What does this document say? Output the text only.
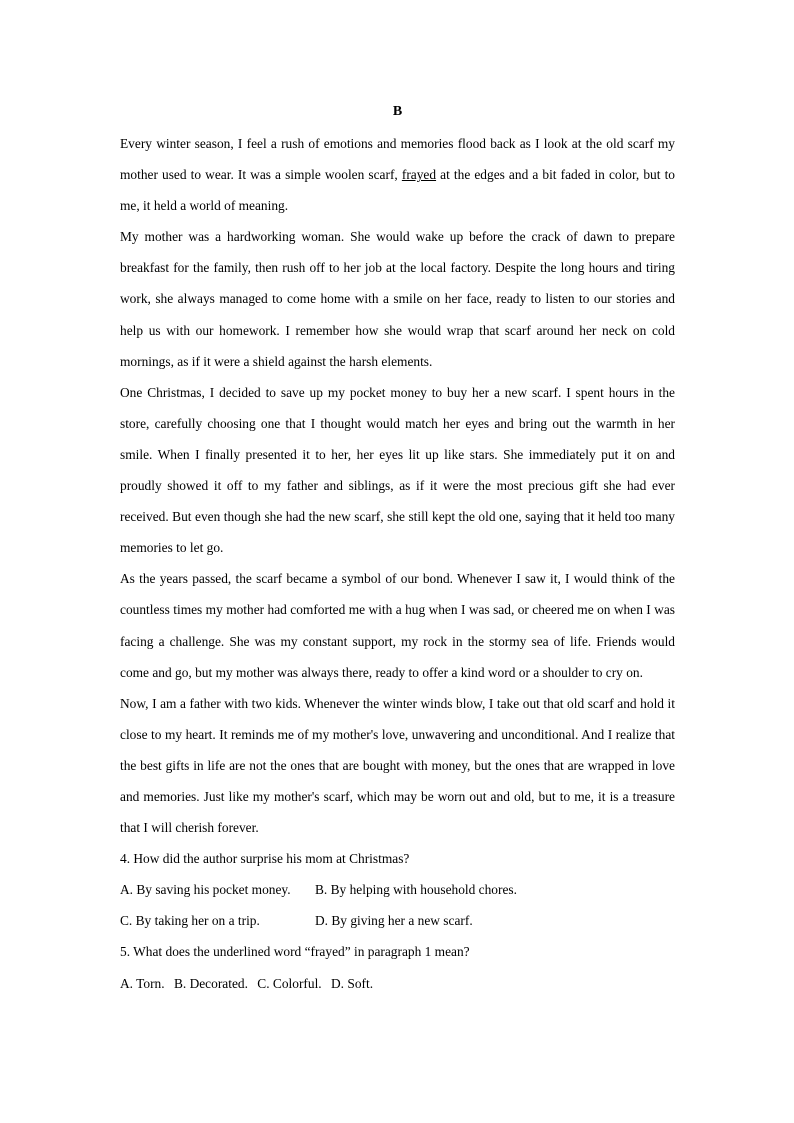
B

Every winter season, I feel a rush of emotions and memories flood back as I look at the old scarf my mother used to wear. It was a simple woolen scarf, frayed at the edges and a bit faded in color, but to me, it held a world of meaning.

My mother was a hardworking woman. She would wake up before the crack of dawn to prepare breakfast for the family, then rush off to her job at the local factory. Despite the long hours and tiring work, she always managed to come home with a smile on her face, ready to listen to our stories and help us with our homework. I remember how she would wrap that scarf around her neck on cold mornings, as if it were a shield against the harsh elements.

One Christmas, I decided to save up my pocket money to buy her a new scarf. I spent hours in the store, carefully choosing one that I thought would match her eyes and bring out the warmth in her smile. When I finally presented it to her, her eyes lit up like stars. She immediately put it on and proudly showed it off to my father and siblings, as if it were the most precious gift she had ever received. But even though she had the new scarf, she still kept the old one, saying that it held too many memories to let go.

As the years passed, the scarf became a symbol of our bond. Whenever I saw it, I would think of the countless times my mother had comforted me with a hug when I was sad, or cheered me on when I was facing a challenge. She was my constant support, my rock in the stormy sea of life. Friends would come and go, but my mother was always there, ready to offer a kind word or a shoulder to cry on.

Now, I am a father with two kids. Whenever the winter winds blow, I take out that old scarf and hold it close to my heart. It reminds me of my mother's love, unwavering and unconditional. And I realize that the best gifts in life are not the ones that are bought with money, but the ones that are wrapped in love and memories. Just like my mother's scarf, which may be worn out and old, but to me, it is a treasure that I will cherish forever.

4. How did the author surprise his mom at Christmas?

A. By saving his pocket money.	B. By helping with household chores.
C. By taking her on a trip.	D. By giving her a new scarf.

5. What does the underlined word “frayed” in paragraph 1 mean?

A. Torn. B. Decorated. C. Colorful. D. Soft.
